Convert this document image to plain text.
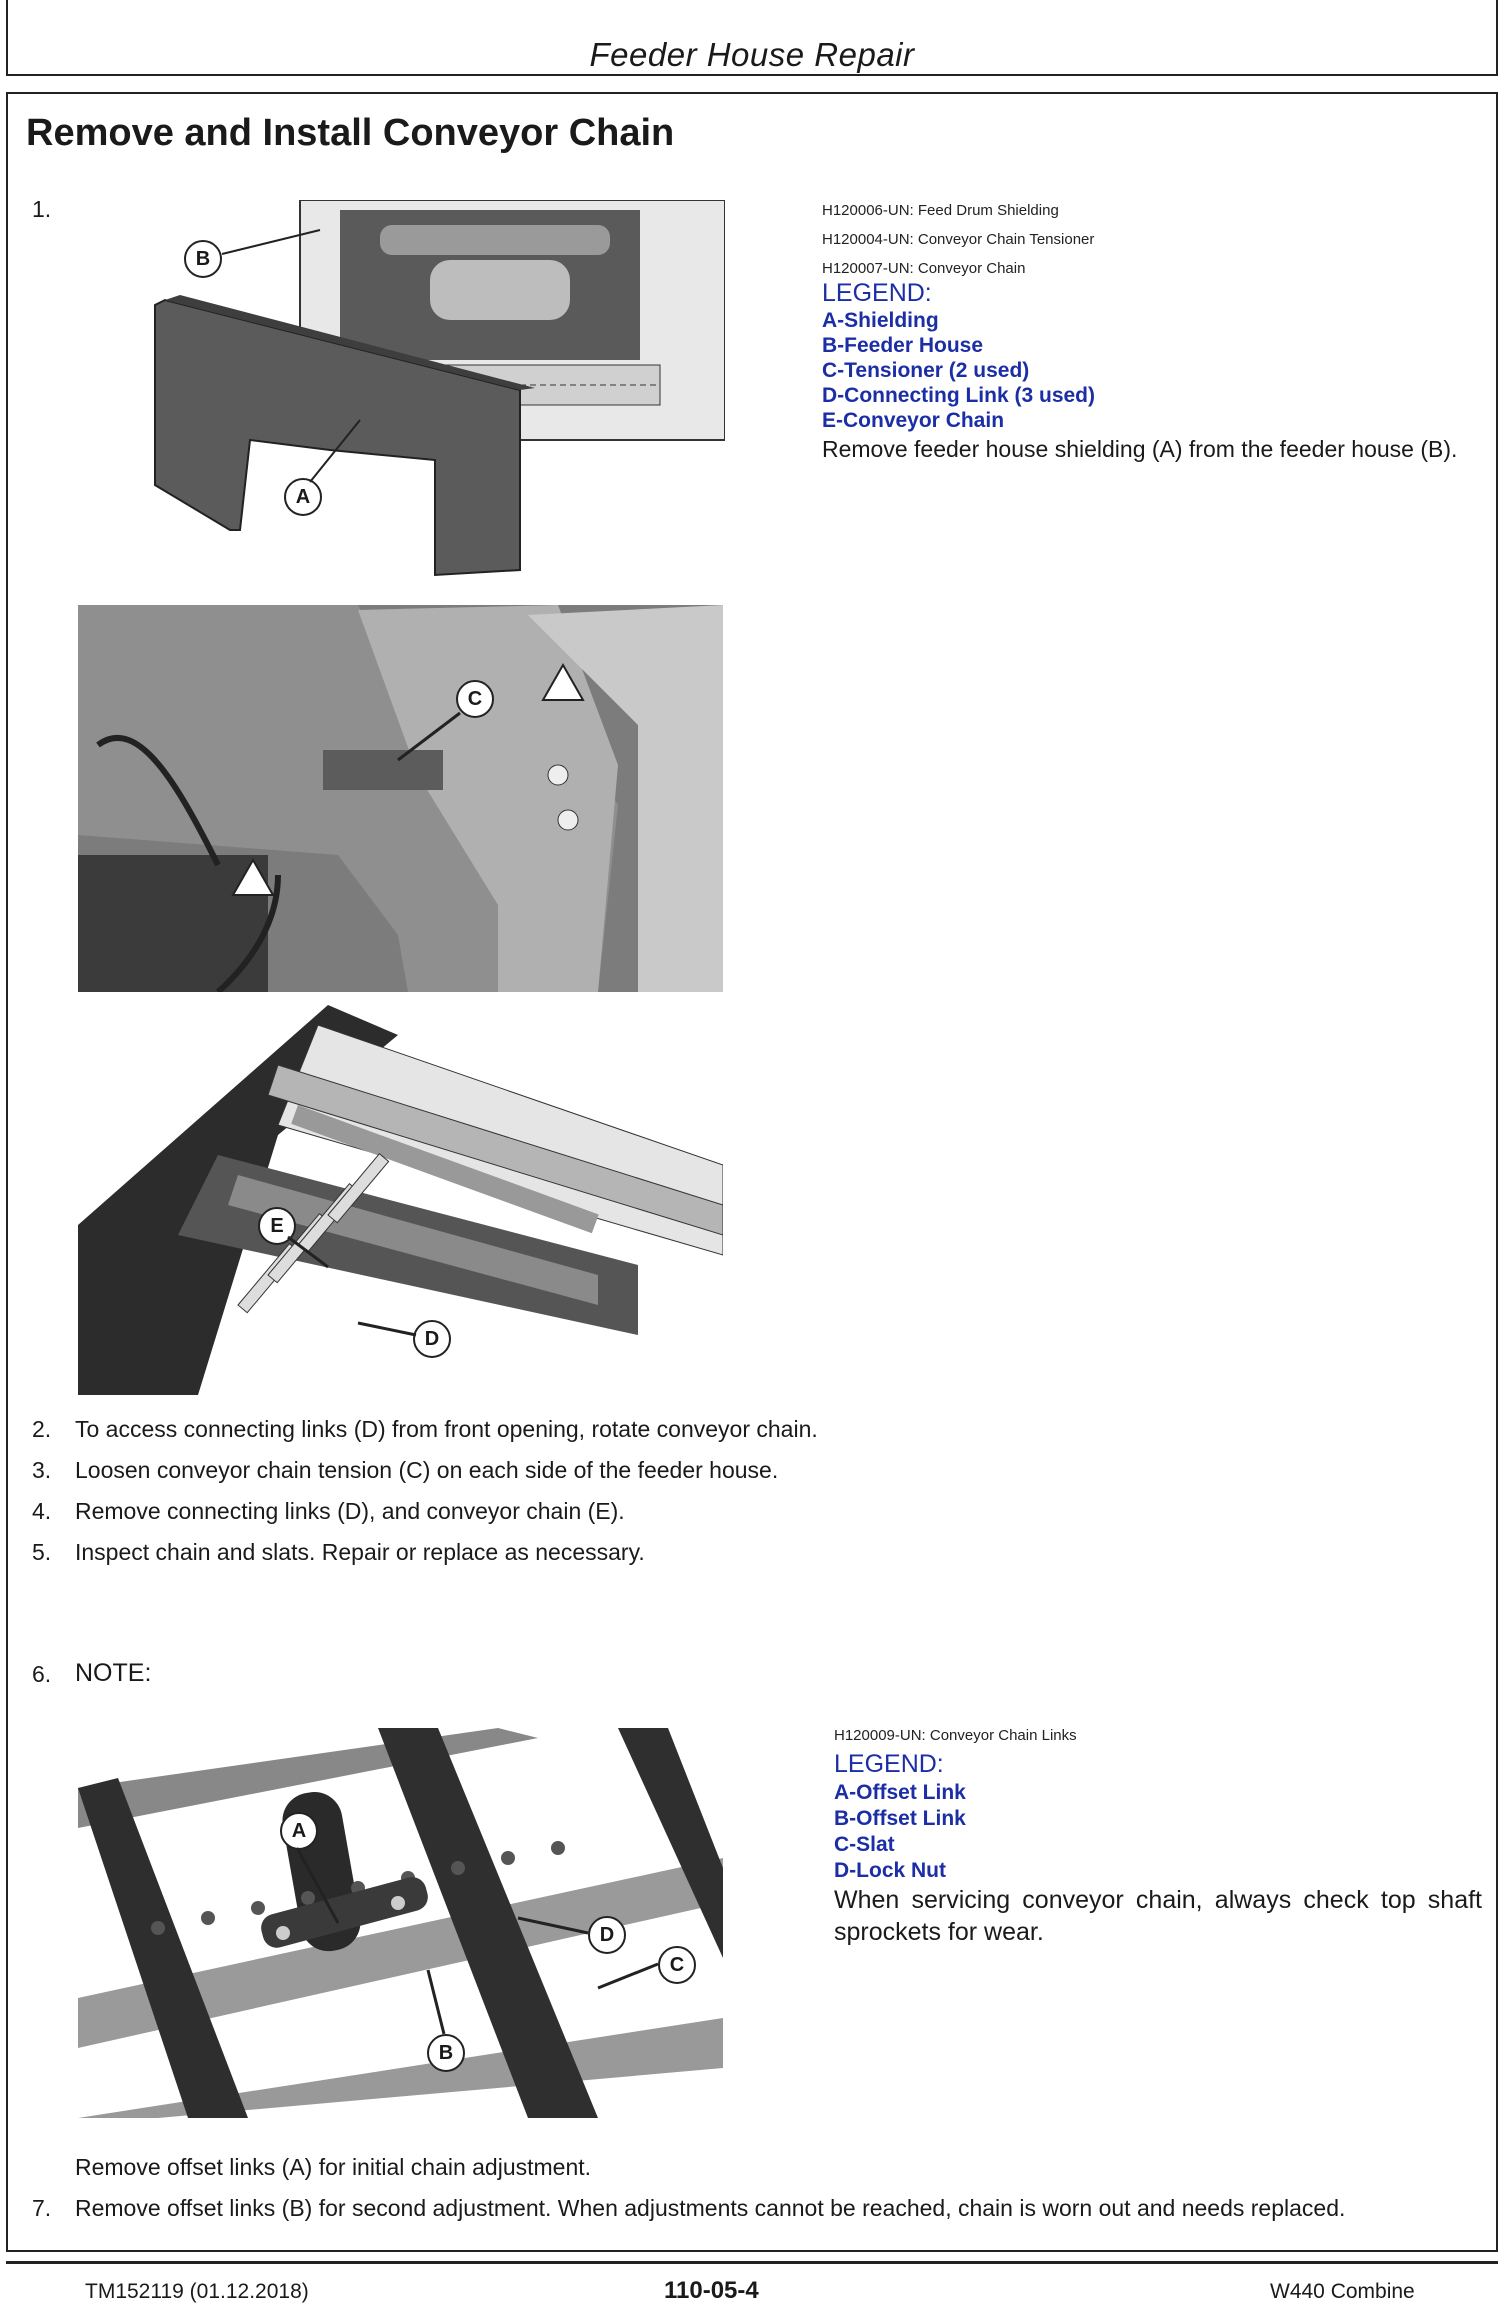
Feeder House Repair
Remove and Install Conveyor Chain
1.
B
A
H120006-UN: Feed Drum Shielding
H120004-UN: Conveyor Chain Tensioner
H120007-UN: Conveyor Chain
LEGEND:
A-Shielding
B-Feeder House
C-Tensioner (2 used)
D-Connecting Link (3 used)
E-Conveyor Chain
Remove feeder house shielding (A) from the feeder house (B).
C
E
D
2. To access connecting links (D) from front opening, rotate conveyor chain.
3. Loosen conveyor chain tension (C) on each side of the feeder house.
4. Remove connecting links (D), and conveyor chain (E).
5. Inspect chain and slats. Repair or replace as necessary.
6. NOTE:
A
B
C
D
H120009-UN: Conveyor Chain Links
LEGEND:
A-Offset Link
B-Offset Link
C-Slat
D-Lock Nut
When servicing conveyor chain, always check top shaft sprockets for wear.
Remove offset links (A) for initial chain adjustment.
7. Remove offset links (B) for second adjustment. When adjustments cannot be reached, chain is worn out and needs replaced.
TM152119 (01.12.2018)	110-05-4	W440 Combine
